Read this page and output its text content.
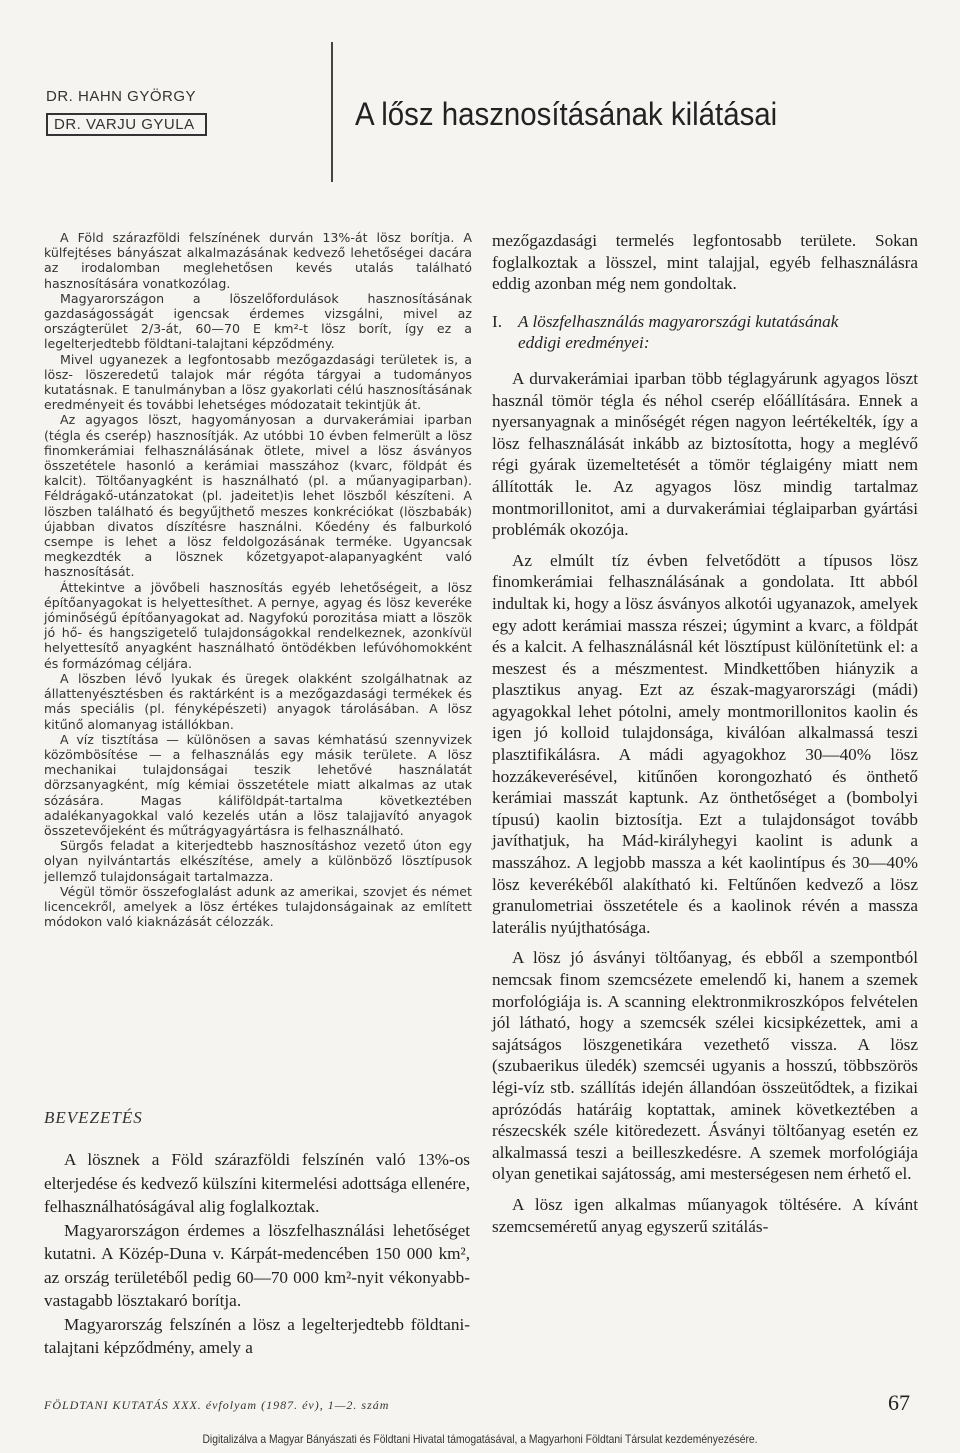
DR. HAHN GYÖRGY
DR. VARJU GYULA	A lősz hasznosításának kilátásai

A Föld szárazföldi felszínének durván 13%-át lösz borítja. A külfejtéses bányászat alkalmazásának kedvező lehetőségei dacára az irodalomban meglehetősen kevés utalás található hasznosítására vonatkozólag.

Magyarországon a löszelőfordulások hasznosításának gazdaságosságát igencsak érdemes vizsgálni, mivel az országterület 2/3-át, 60—70 E km²-t lösz borít, így ez a legelterjedtebb földtani-talajtani képződmény.

Mivel ugyanezek a legfontosabb mezőgazdasági területek is, a lösz- löszeredetű talajok már régóta tárgyai a tudományos kutatásnak. E tanulmányban a lösz gyakorlati célú hasznosításának eredményeit és további lehetséges módozatait tekintjük át.

Az agyagos löszt, hagyományosan a durvakerámiai iparban (tégla és cserép) hasznosítják. Az utóbbi 10 évben felmerült a lösz finomkerámiai felhasználásának ötlete, mivel a lösz ásványos összetétele hasonló a kerámiai masszához (kvarc, földpát és kalcit). Töltőanyagként is használható (pl. a műanyagiparban). Féldrágakő-utánzatokat (pl. jadeitet)is lehet löszből készíteni. A löszben található és begyűjthető meszes konkréciókat (löszbabák) újabban divatos díszítésre használni. Kőedény és falburkoló csempe is lehet a lösz feldolgozásának terméke. Ugyancsak megkezdték a lösznek kőzetgyapot-alapanyagként való hasznosítását.

Áttekintve a jövőbeli hasznosítás egyéb lehetőségeit, a lösz építőanyagokat is helyettesíthet. A pernye, agyag és lösz keveréke jóminőségű építőanyagokat ad. Nagyfokú porozitása miatt a löszök jó hő- és hangszigetelő tulajdonságokkal rendelkeznek, azonkívül helyettesítő anyagként használható öntödékben lefúvóhomokként és formázómag céljára.

A löszben lévő lyukak és üregek olakként szolgálhatnak az állattenyésztésben és raktárként is a mezőgazdasági termékek és más speciális (pl. fényképészeti) anyagok tárolásában. A lösz kitűnő alomanyag istállókban.

A víz tisztítása — különösen a savas kémhatású szennyvizek közömbösítése — a felhasználás egy másik területe. A lösz mechanikai tulajdonságai teszik lehetővé használatát dörzsanyagként, míg kémiai összetétele miatt alkalmas az utak sózására. Magas káliföldpát-tartalma következtében adalékanyagokkal való kezelés után a lösz talajjavító anyagok összetevőjeként és műtrágyagyártásra is felhasználható.

Sürgős feladat a kiterjedtebb hasznosításhoz vezető úton egy olyan nyilvántartás elkészítése, amely a különböző lösztípusok jellemző tulajdonságait tartalmazza.

Végül tömör összefoglalást adunk az amerikai, szovjet és német licencekről, amelyek a lösz értékes tulajdonságainak az említett módokon való kiaknázását célozzák.

BEVEZETÉS

A lösznek a Föld szárazföldi felszínén való 13%-os elterjedése és kedvező külszíni kitermelési adottsága ellenére, felhasználhatóságával alig foglalkoztak.

Magyarországon érdemes a löszfelhasználási lehetőséget kutatni. A Közép-Duna v. Kárpát-medencében 150 000 km², az ország területéből pedig 60—70 000 km²-nyit vékonyabb-vastagabb lösztakaró borítja.

Magyarország felszínén a lösz a legelterjedtebb földtani-talajtani képződmény, amely a

mezőgazdasági termelés legfontosabb területe. Sokan foglalkoztak a lösszel, mint talajjal, egyéb felhasználásra eddig azonban még nem gondoltak.

I. A löszfelhasználás magyarországi kutatásának
eddigi eredményei:

A durvakerámiai iparban több téglagyárunk agyagos löszt használ tömör tégla és néhol cserép előállítására. Ennek a nyersanyagnak a minőségét régen nagyon leértékelték, így a lösz felhasználását inkább az biztosította, hogy a meglévő régi gyárak üzemeltetését a tömör téglaigény miatt nem állították le. Az agyagos lösz mindig tartalmaz montmorillonitot, ami a durvakerámiai téglaiparban gyártási problémák okozója.

Az elmúlt tíz évben felvetődött a típusos lösz finomkerámiai felhasználásának a gondolata. Itt abból indultak ki, hogy a lösz ásványos alkotói ugyanazok, amelyek egy adott kerámiai massza részei; úgymint a kvarc, a földpát és a kalcit. A felhasználásnál két lösztípust különítetünk el: a meszest és a mészmentest. Mindkettőben hiányzik a plasztikus anyag. Ezt az észak-magyarországi (mádi) agyagokkal lehet pótolni, amely montmorillonitos kaolin és igen jó kolloid tulajdonsága, kiválóan alkalmassá teszi plasztifikálásra. A mádi agyagokhoz 30—40% lösz hozzákeverésével, kitűnően korongozható és önthető kerámiai masszát kaptunk. Az önthetőséget a (bombolyi típusú) kaolin biztosítja. Ezt a tulajdonságot tovább javíthatjuk, ha Mád-királyhegyi kaolint is adunk a masszához. A legjobb massza a két kaolintípus és 30—40% lösz keverékéből alakítható ki. Feltűnően kedvező a lösz granulometriai összetétele és a kaolinok révén a massza laterális nyújthatósága.

A lösz jó ásványi töltőanyag, és ebből a szempontból nemcsak finom szemcsézete emelendő ki, hanem a szemek morfológiája is. A scanning elektronmikroszkópos felvételen jól látható, hogy a szemcsék szélei kicsipkézettek, ami a sajátságos löszgenetikára vezethető vissza. A lösz (szubaerikus üledék) szemcséi ugyanis a hosszú, többszörös légi-víz stb. szállítás idején állandóan összeütődtek, a fizikai aprózódás határáig koptattak, aminek következtében a részecskék széle kitöredezett. Ásványi töltőanyag esetén ez alkalmassá teszi a beilleszkedésre. A szemek morfológiája olyan genetikai sajátosság, ami mesterségesen nem érhető el.

A lösz igen alkalmas műanyagok töltésére. A kívánt szemcseméretű anyag egyszerű szitálás-

FÖLDTANI KUTATÁS XXX. évfolyam (1987. év), 1—2. szám	67
Digitalizálva a Magyar Bányászati és Földtani Hivatal támogatásával, a Magyarhoni Földtani Társulat kezdeményezésére.
